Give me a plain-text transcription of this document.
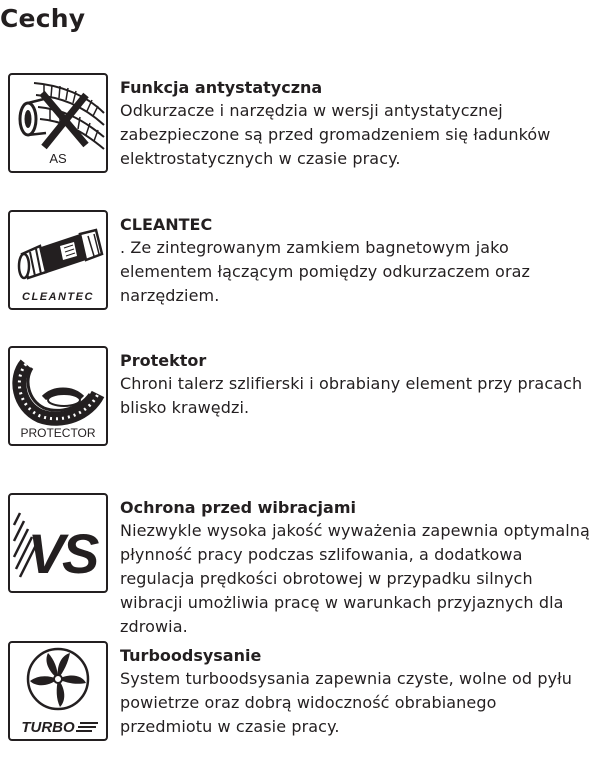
Cechy
AS

Funkcja antystatyczna

Odkurzacze i narzędzia w wersji antystatycznej zabezpieczone są przed gromadzeniem się ładunków elektrostatycznych w czasie pracy.

CLEANTEC

CLEANTEC

. Ze zintegrowanym zamkiem bagnetowym jako elementem łączącym pomiędzy odkurzaczem oraz narzędziem.

PROTECTOR

Protektor

Chroni talerz szlifierski i obrabiany element przy pracach blisko krawędzi.

VS

Ochrona przed wibracjami

Niezwykle wysoka jakość wyważenia zapewnia optymalną płynność pracy podczas szlifowania, a dodatkowa regulacja prędkości obrotowej w przypadku silnych wibracji umożliwia pracę w warunkach przyjaznych dla zdrowia.

TURBO

Turboodsysanie

System turboodsysania zapewnia czyste, wolne od pyłu powietrze oraz dobrą widoczność obrabianego przedmiotu w czasie pracy.
